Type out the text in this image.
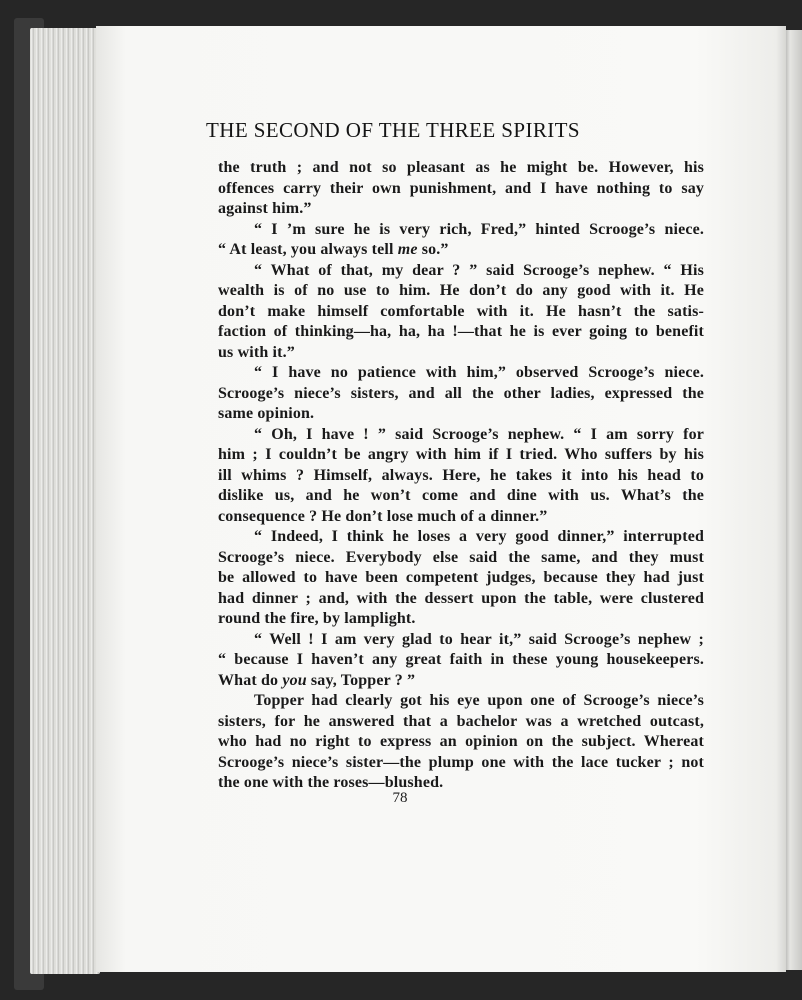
THE SECOND OF THE THREE SPIRITS
the truth ; and not so pleasant as he might be. However, his
offences carry their own punishment, and I have nothing to say
against him.”
“ I ’m sure he is very rich, Fred,” hinted Scrooge’s niece.
“ At least, you always tell me so.”
“ What of that, my dear ? ” said Scrooge’s nephew. “ His
wealth is of no use to him. He don’t do any good with it. He
don’t make himself comfortable with it. He hasn’t the satis-
faction of thinking—ha, ha, ha !—that he is ever going to benefit
us with it.”
“ I have no patience with him,” observed Scrooge’s niece.
Scrooge’s niece’s sisters, and all the other ladies, expressed the
same opinion.
“ Oh, I have ! ” said Scrooge’s nephew. “ I am sorry for
him ; I couldn’t be angry with him if I tried. Who suffers by his
ill whims ? Himself, always. Here, he takes it into his head to
dislike us, and he won’t come and dine with us. What’s the
consequence ? He don’t lose much of a dinner.”
“ Indeed, I think he loses a very good dinner,” interrupted
Scrooge’s niece. Everybody else said the same, and they must
be allowed to have been competent judges, because they had just
had dinner ; and, with the dessert upon the table, were clustered
round the fire, by lamplight.
“ Well ! I am very glad to hear it,” said Scrooge’s nephew ;
“ because I haven’t any great faith in these young housekeepers.
What do you say, Topper ? ”
Topper had clearly got his eye upon one of Scrooge’s niece’s
sisters, for he answered that a bachelor was a wretched outcast,
who had no right to express an opinion on the subject. Whereat
Scrooge’s niece’s sister—the plump one with the lace tucker ; not
the one with the roses—blushed.
78
